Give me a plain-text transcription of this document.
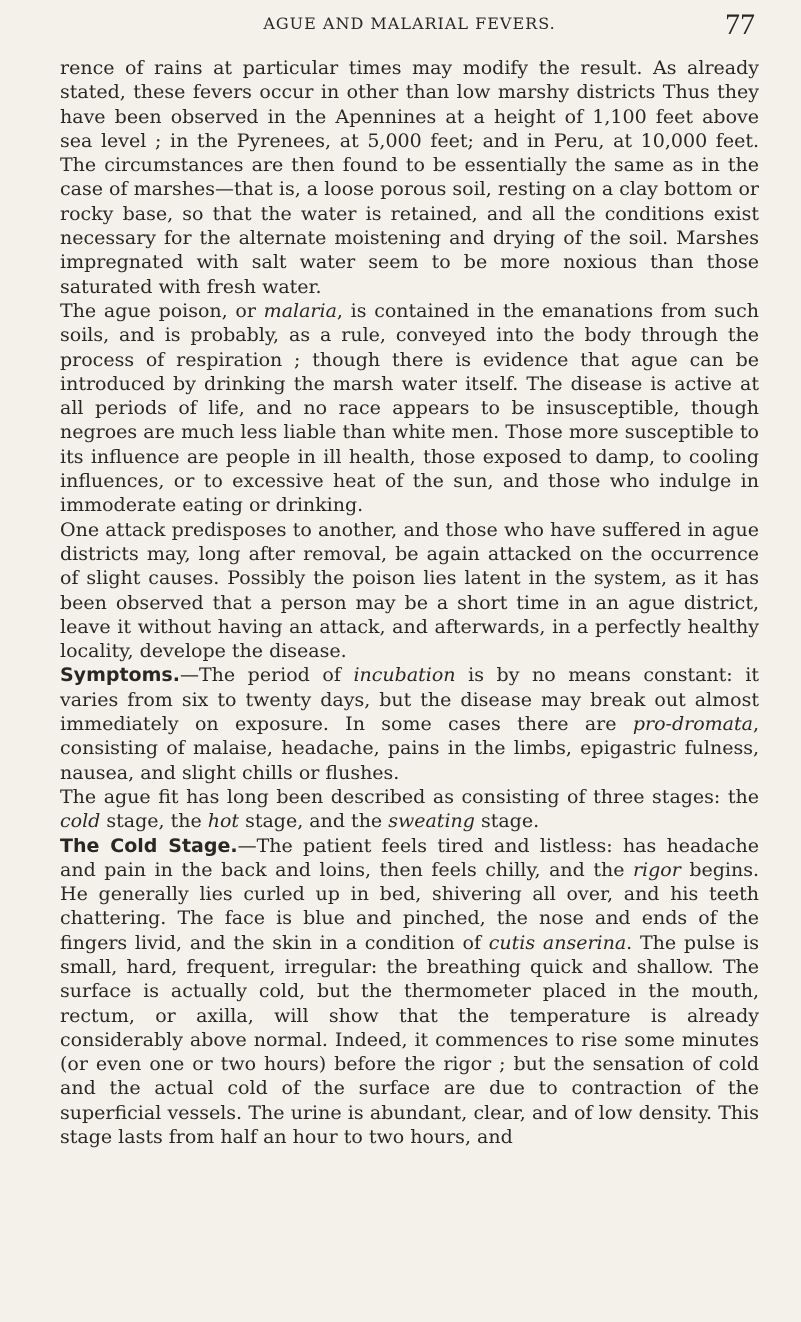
AGUE AND MALARIAL FEVERS.	77

rence of rains at particular times may modify the result. As already stated, these fevers occur in other than low marshy districts Thus they have been observed in the Apennines at a height of 1,100 feet above sea level ; in the Pyrenees, at 5,000 feet; and in Peru, at 10,000 feet. The circumstances are then found to be essentially the same as in the case of marshes—that is, a loose porous soil, resting on a clay bottom or rocky base, so that the water is retained, and all the conditions exist necessary for the alternate moistening and drying of the soil. Marshes impregnated with salt water seem to be more noxious than those saturated with fresh water.

The ague poison, or malaria, is contained in the emanations from such soils, and is probably, as a rule, conveyed into the body through the process of respiration ; though there is evidence that ague can be introduced by drinking the marsh water itself. The disease is active at all periods of life, and no race appears to be insusceptible, though negroes are much less liable than white men. Those more susceptible to its influence are people in ill health, those exposed to damp, to cooling influences, or to excessive heat of the sun, and those who indulge in immoderate eating or drinking.

One attack predisposes to another, and those who have suffered in ague districts may, long after removal, be again attacked on the occurrence of slight causes. Possibly the poison lies latent in the system, as it has been observed that a person may be a short time in an ague district, leave it without having an attack, and afterwards, in a perfectly healthy locality, develope the disease.

Symptoms.—The period of incubation is by no means constant: it varies from six to twenty days, but the disease may break out almost immediately on exposure. In some cases there are pro-dromata, consisting of malaise, headache, pains in the limbs, epigastric fulness, nausea, and slight chills or flushes.

The ague fit has long been described as consisting of three stages: the cold stage, the hot stage, and the sweating stage.

The Cold Stage.—The patient feels tired and listless: has headache and pain in the back and loins, then feels chilly, and the rigor begins. He generally lies curled up in bed, shivering all over, and his teeth chattering. The face is blue and pinched, the nose and ends of the fingers livid, and the skin in a condition of cutis anserina. The pulse is small, hard, frequent, irregular: the breathing quick and shallow. The surface is actually cold, but the thermometer placed in the mouth, rectum, or axilla, will show that the temperature is already considerably above normal. Indeed, it commences to rise some minutes (or even one or two hours) before the rigor ; but the sensation of cold and the actual cold of the surface are due to contraction of the superficial vessels. The urine is abundant, clear, and of low density. This stage lasts from half an hour to two hours, and
